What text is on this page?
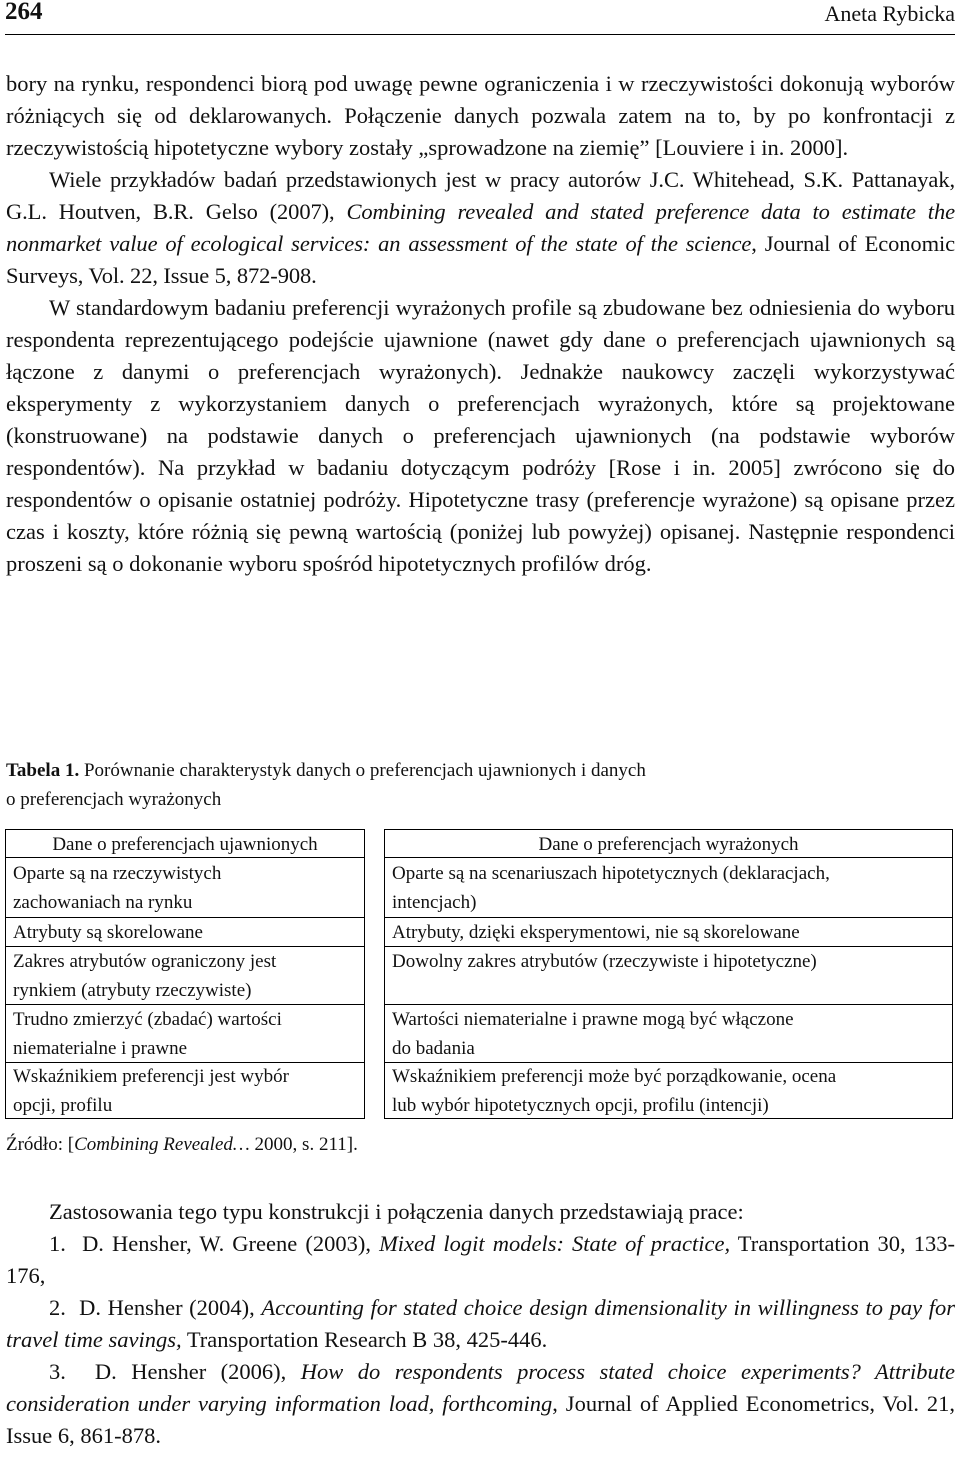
264	Aneta Rybicka

bory na rynku, respondenci biorą pod uwagę pewne ograniczenia i w rzeczywistości dokonują wyborów różniących się od deklarowanych. Połączenie danych pozwala zatem na to, by po konfrontacji z rzeczywistością hipotetyczne wybory zostały „sprowadzone na ziemię” [Louviere i in. 2000].

Wiele przykładów badań przedstawionych jest w pracy autorów J.C. Whitehead, S.K. Pattanayak, G.L. Houtven, B.R. Gelso (2007), Combining revealed and stated preference data to estimate the nonmarket value of ecological services: an assessment of the state of the science, Journal of Economic Surveys, Vol. 22, Issue 5, 872-908.

W standardowym badaniu preferencji wyrażonych profile są zbudowane bez odniesienia do wyboru respondenta reprezentującego podejście ujawnione (nawet gdy dane o preferencjach ujawnionych są łączone z danymi o preferencjach wyrażonych). Jednakże naukowcy zaczęli wykorzystywać eksperymenty z wykorzystaniem danych o preferencjach wyrażonych, które są projektowane (konstruowane) na podstawie danych o preferencjach ujawnionych (na podstawie wyborów respondentów). Na przykład w badaniu dotyczącym podróży [Rose i in. 2005] zwrócono się do respondentów o opisanie ostatniej podróży. Hipotetyczne trasy (preferencje wyrażone) są opisane przez czas i koszty, które różnią się pewną wartością (poniżej lub powyżej) opisanej. Następnie respondenci proszeni są o dokonanie wyboru spośród hipotetycznych profilów dróg.

Tabela 1. Porównanie charakterystyk danych o preferencjach ujawnionych i danych
o preferencjach wyrażonych
Dane o preferencjach ujawnionych
Oparte są na rzeczywistych
zachowaniach na rynku
Atrybuty są skorelowane
Zakres atrybutów ograniczony jest
rynkiem (atrybuty rzeczywiste)
Trudno zmierzyć (zbadać) wartości
niematerialne i prawne
Wskaźnikiem preferencji jest wybór
opcji, profilu
Dane o preferencjach wyrażonych
Oparte są na scenariuszach hipotetycznych (deklaracjach,
intencjach)
Atrybuty, dzięki eksperymentowi, nie są skorelowane
Dowolny zakres atrybutów (rzeczywiste i hipotetyczne)
Wartości niematerialne i prawne mogą być włączone
do badania
Wskaźnikiem preferencji może być porządkowanie, ocena
lub wybór hipotetycznych opcji, profilu (intencji)
Źródło: [Combining Revealed… 2000, s. 211].

Zastosowania tego typu konstrukcji i połączenia danych przedstawiają prace:

1. D. Hensher, W. Greene (2003), Mixed logit models: State of practice, Transportation 30, 133-176,

2. D. Hensher (2004), Accounting for stated choice design dimensionality in willingness to pay for travel time savings, Transportation Research B 38, 425-446.

3. D. Hensher (2006), How do respondents process stated choice experiments? Attribute consideration under varying information load, forthcoming, Journal of Applied Econometrics, Vol. 21, Issue 6, 861-878.
